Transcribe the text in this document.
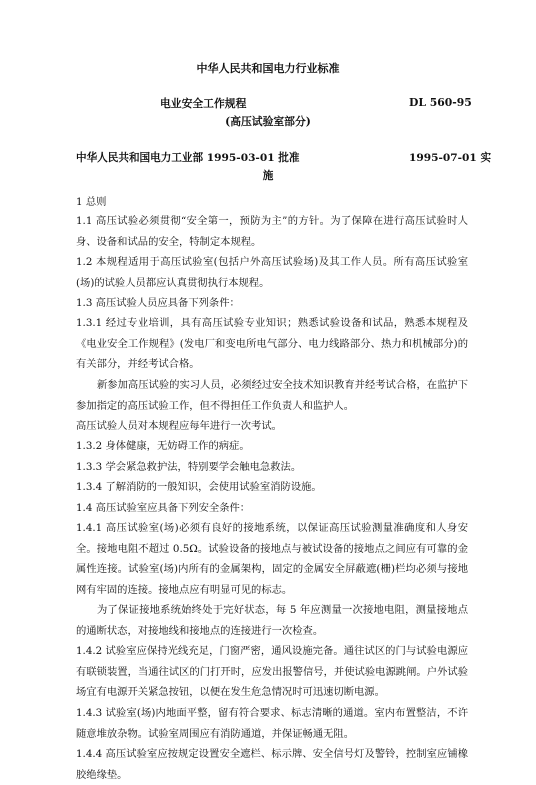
中华人民共和国电力行业标准
电业安全工作规程	DL 560-95
(高压试验室部分)
中华人民共和国电力工业部 1995-03-01 批准	1995-07-01 实
施
1 总则
1.1 高压试验必须贯彻“安全第一，预防为主”的方针。为了保障在进行高压试验时人身、设备和试品的安全，特制定本规程。
1.2 本规程适用于高压试验室(包括户外高压试验场)及其工作人员。所有高压试验室(场)的试验人员都应认真贯彻执行本规程。
1.3 高压试验人员应具备下列条件：
1.3.1 经过专业培训，具有高压试验专业知识；熟悉试验设备和试品，熟悉本规程及《电业安全工作规程》(发电厂和变电所电气部分、电力线路部分、热力和机械部分)的有关部分，并经考试合格。
新参加高压试验的实习人员，必须经过安全技术知识教育并经考试合格，在监护下参加指定的高压试验工作，但不得担任工作负责人和监护人。
高压试验人员对本规程应每年进行一次考试。
1.3.2 身体健康，无妨碍工作的病症。
1.3.3 学会紧急救护法，特别要学会触电急救法。
1.3.4 了解消防的一般知识，会使用试验室消防设施。
1.4 高压试验室应具备下列安全条件：
1.4.1 高压试验室(场)必须有良好的接地系统，以保证高压试验测量准确度和人身安全。接地电阻不超过 0.5Ω。试验设备的接地点与被试设备的接地点之间应有可靠的金属性连接。试验室(场)内所有的金属架构，固定的金属安全屏蔽遮(栅)栏均必须与接地网有牢固的连接。接地点应有明显可见的标志。
为了保证接地系统始终处于完好状态，每 5 年应测量一次接地电阻，测量接地点的通断状态，对接地线和接地点的连接进行一次检查。
1.4.2 试验室应保持光线充足，门窗严密，通风设施完备。通往试区的门与试验电源应有联锁装置，当通往试区的门打开时，应发出报警信号，并使试验电源跳闸。户外试验场宜有电源开关紧急按钮，以便在发生危急情况时可迅速切断电源。
1.4.3 试验室(场)内地面平整，留有符合要求、标志清晰的通道。室内布置整洁，不许随意堆放杂物。试验室周围应有消防通道，并保证畅通无阻。
1.4.4 高压试验室应按规定设置安全遮栏、标示牌、安全信号灯及警铃，控制室应铺橡胶绝缘垫。
